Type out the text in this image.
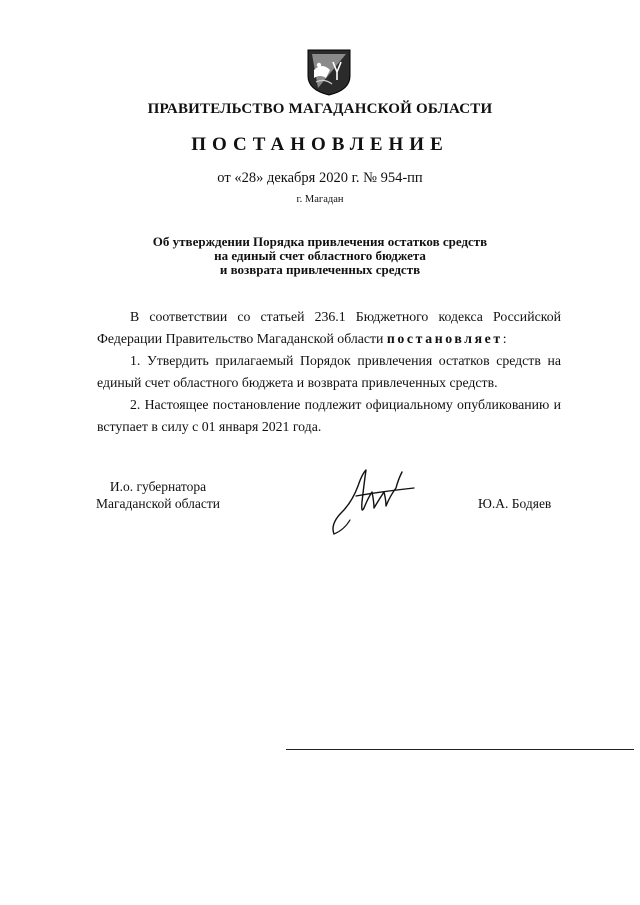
ПРАВИТЕЛЬСТВО МАГАДАНСКОЙ ОБЛАСТИ
ПОСТАНОВЛЕНИЕ
от «28» декабря 2020 г. № 954-пп
г. Магадан
Об утверждении Порядка привлечения остатков средств
на единый счет областного бюджета
и возврата привлеченных средств
В соответствии со статьей 236.1 Бюджетного кодекса Российской Федерации Правительство Магаданской области постановляет:
1. Утвердить прилагаемый Порядок привлечения остатков средств на единый счет областного бюджета и возврата привлеченных средств.
2. Настоящее постановление подлежит официальному опубликованию и вступает в силу с 01 января 2021 года.
И.о. губернатора
Магаданской области	Ю.А. Бодяев
